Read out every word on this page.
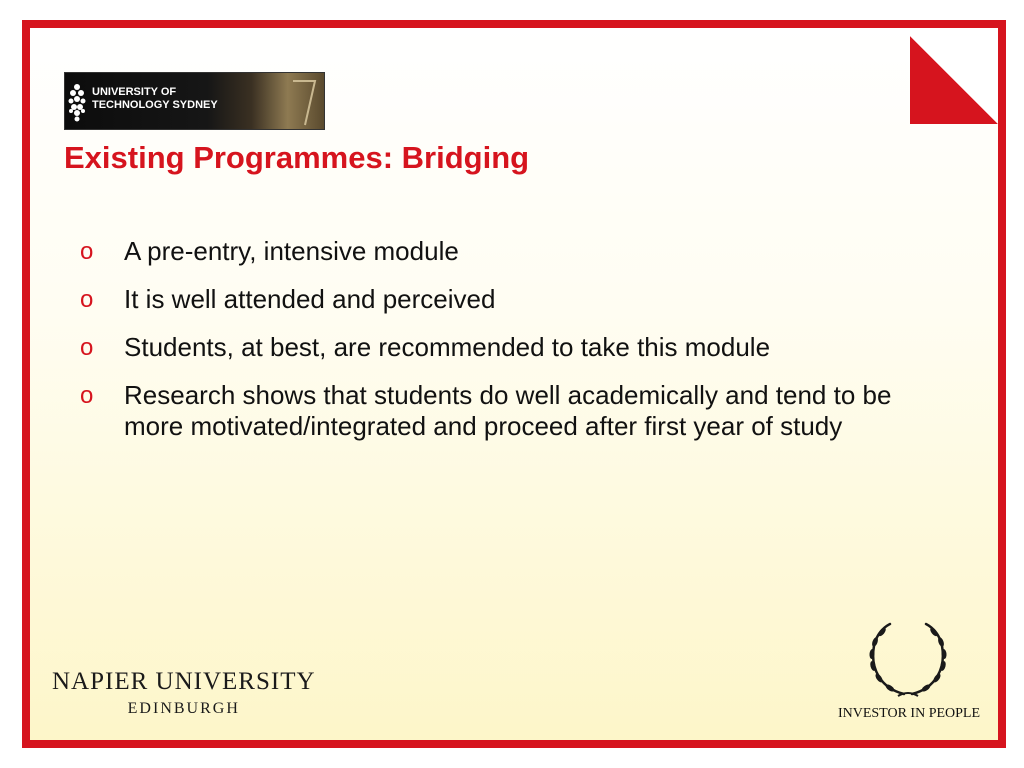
UNIVERSITY OF
TECHNOLOGY SYDNEY
Existing Programmes: Bridging
o A pre-entry, intensive module
o It is well attended and perceived
o Students, at best, are recommended to take this module
o Research shows that students do well academically and tend to be more motivated/integrated and proceed after first year of study
NAPIER UNIVERSITY
EDINBURGH	INVESTOR IN PEOPLE
